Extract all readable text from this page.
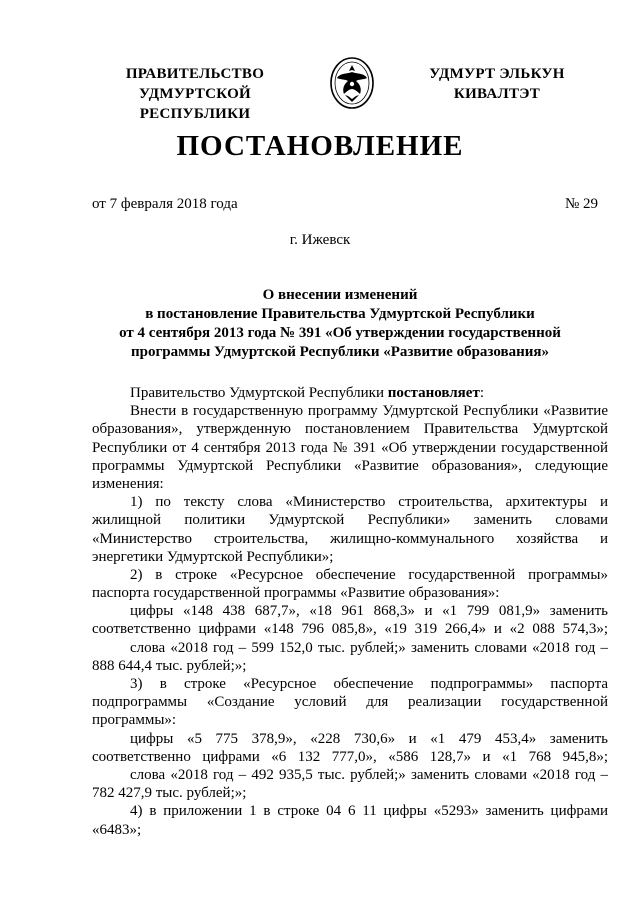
ПРАВИТЕЛЬСТВО
УДМУРТСКОЙ РЕСПУБЛИКИ
УДМУРТ ЭЛЬКУН
КИВАЛТЭТ
ПОСТАНОВЛЕНИЕ
от 7 февраля 2018 года	№ 29
г. Ижевск
О внесении изменений
в постановление Правительства Удмуртской Республики
от 4 сентября 2013 года № 391 «Об утверждении государственной
программы Удмуртской Республики «Развитие образования»
Правительство Удмуртской Республики постановляет:
Внести в государственную программу Удмуртской Республики «Развитие
образования», утвержденную постановлением Правительства Удмуртской
Республики от 4 сентября 2013 года № 391 «Об утверждении государственной
программы Удмуртской Республики «Развитие образования», следующие
изменения:
1) по тексту слова «Министерство строительства, архитектуры и
жилищной политики Удмуртской Республики» заменить словами
«Министерство строительства, жилищно-коммунального хозяйства и
энергетики Удмуртской Республики»;
2) в строке «Ресурсное обеспечение государственной программы»
паспорта государственной программы «Развитие образования»:
цифры «148 438 687,7», «18 961 868,3» и «1 799 081,9» заменить
соответственно цифрами «148 796 085,8», «19 319 266,4» и «2 088 574,3»;
слова «2018 год – 599 152,0 тыс. рублей;» заменить словами «2018 год –
888 644,4 тыс. рублей;»;
3) в строке «Ресурсное обеспечение подпрограммы» паспорта
подпрограммы «Создание условий для реализации государственной
программы»:
цифры «5 775 378,9», «228 730,6» и «1 479 453,4» заменить
соответственно цифрами «6 132 777,0», «586 128,7» и «1 768 945,8»;
слова «2018 год – 492 935,5 тыс. рублей;» заменить словами «2018 год –
782 427,9 тыс. рублей;»;
4) в приложении 1 в строке 04 6 11 цифры «5293» заменить цифрами
«6483»;
